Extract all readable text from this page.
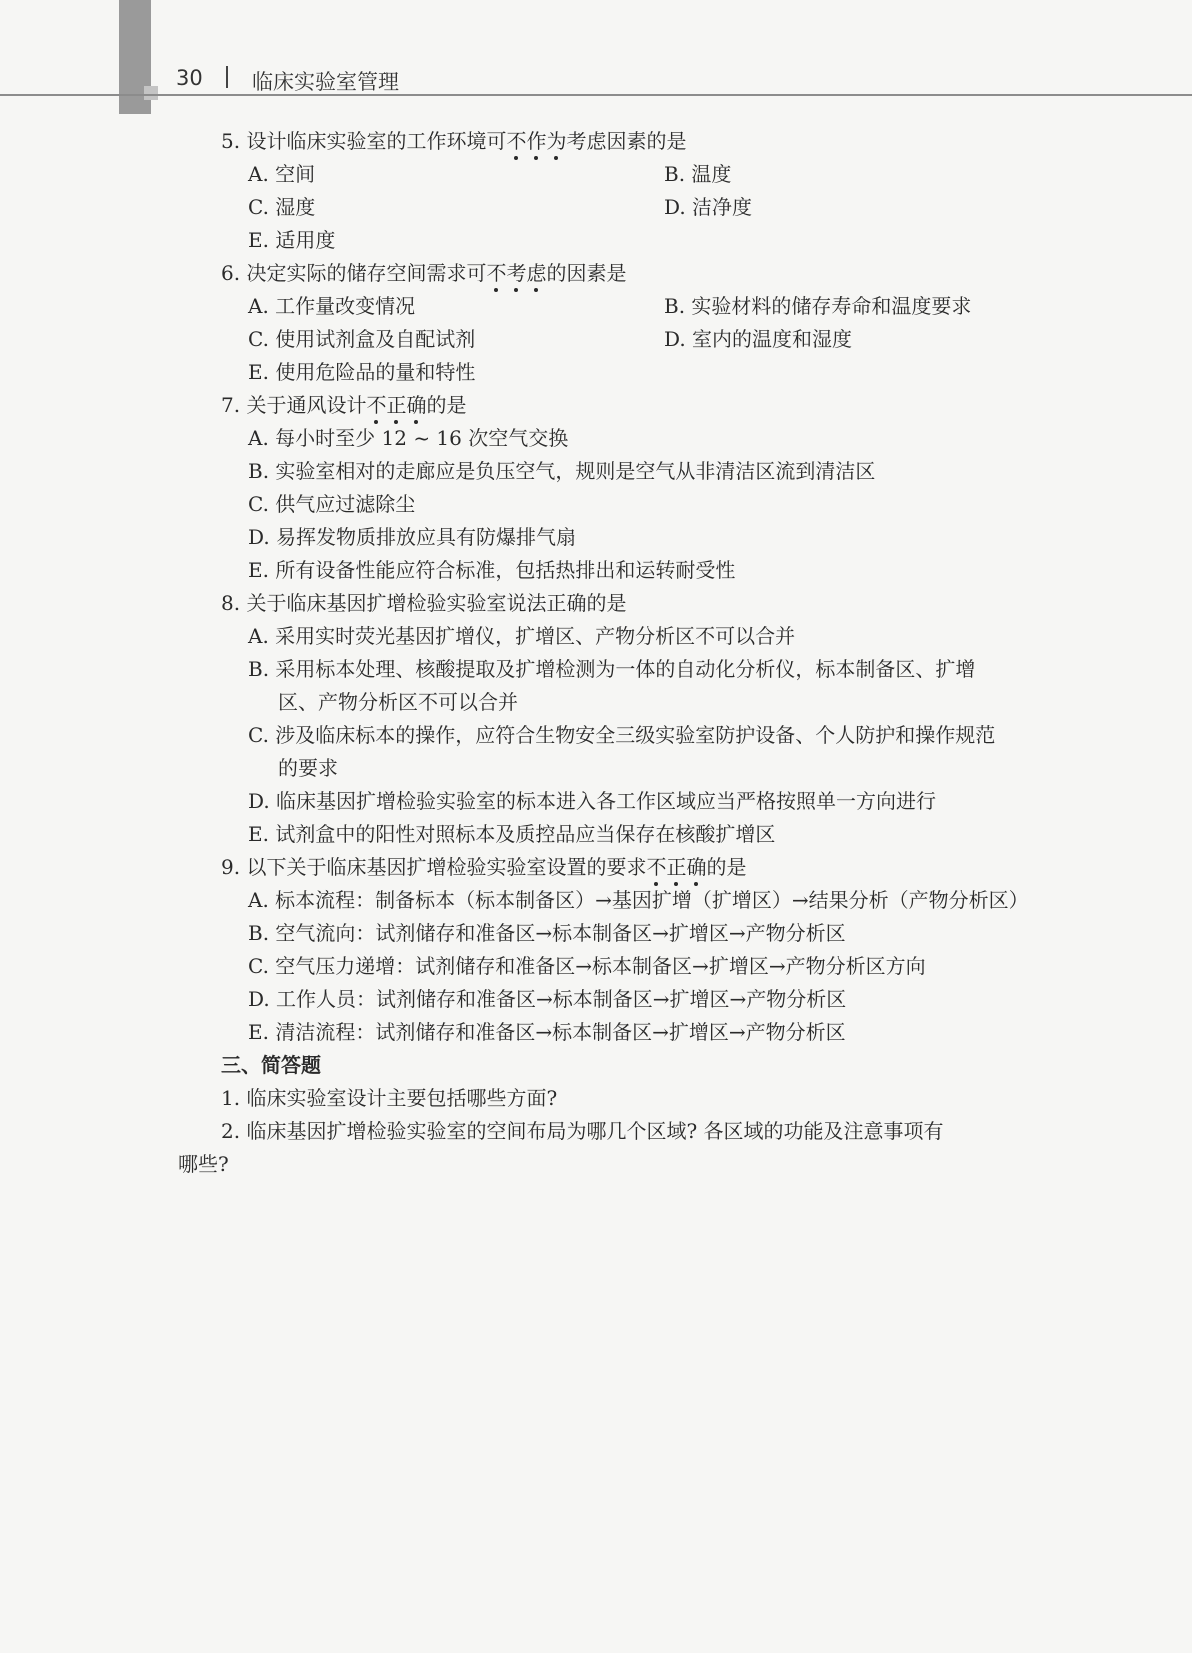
30 临床实验室管理
5. 设计临床实验室的工作环境可不作为考虑因素的是
A. 空间	B. 温度
C. 湿度	D. 洁净度
E. 适用度
6. 决定实际的储存空间需求可不考虑的因素是
A. 工作量改变情况	B. 实验材料的储存寿命和温度要求
C. 使用试剂盒及自配试剂	D. 室内的温度和湿度
E. 使用危险品的量和特性
7. 关于通风设计不正确的是
A. 每小时至少 12 ~ 16 次空气交换
B. 实验室相对的走廊应是负压空气，规则是空气从非清洁区流到清洁区
C. 供气应过滤除尘
D. 易挥发物质排放应具有防爆排气扇
E. 所有设备性能应符合标准，包括热排出和运转耐受性
8. 关于临床基因扩增检验实验室说法正确的是
A. 采用实时荧光基因扩增仪，扩增区、产物分析区不可以合并
B. 采用标本处理、核酸提取及扩增检测为一体的自动化分析仪，标本制备区、扩增
区、产物分析区不可以合并
C. 涉及临床标本的操作，应符合生物安全三级实验室防护设备、个人防护和操作规范
的要求
D. 临床基因扩增检验实验室的标本进入各工作区域应当严格按照单一方向进行
E. 试剂盒中的阳性对照标本及质控品应当保存在核酸扩增区
9. 以下关于临床基因扩增检验实验室设置的要求不正确的是
A. 标本流程：制备标本（标本制备区）→基因扩增（扩增区）→结果分析（产物分析区）
B. 空气流向：试剂储存和准备区→标本制备区→扩增区→产物分析区
C. 空气压力递增：试剂储存和准备区→标本制备区→扩增区→产物分析区方向
D. 工作人员：试剂储存和准备区→标本制备区→扩增区→产物分析区
E. 清洁流程：试剂储存和准备区→标本制备区→扩增区→产物分析区
三、简答题
1. 临床实验室设计主要包括哪些方面?
2. 临床基因扩增检验实验室的空间布局为哪几个区域? 各区域的功能及注意事项有
哪些?
